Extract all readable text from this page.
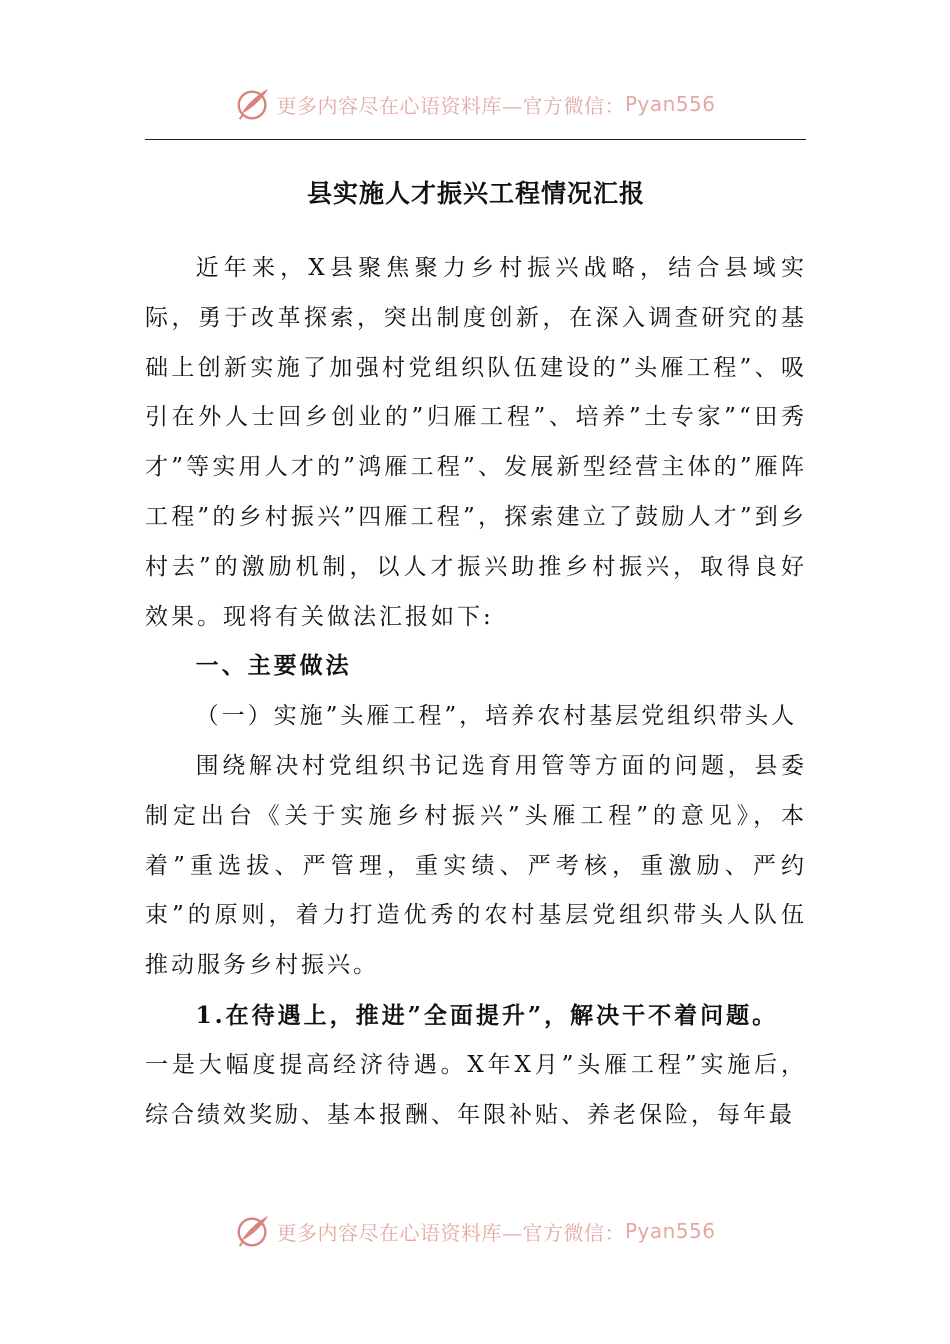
更多内容尽在心语资料库—官方微信： Pyan556
县实施人才振兴工程情况汇报

近年来，X县聚焦聚力乡村振兴战略，结合县域实际，勇于改革探索，突出制度创新，在深入调查研究的基础上创新实施了加强村党组织队伍建设的”头雁工程”、吸引在外人士回乡创业的”归雁工程”、培养”土专家”“田秀才”等实用人才的”鸿雁工程”、发展新型经营主体的”雁阵工程”的乡村振兴”四雁工程”，探索建立了鼓励人才”到乡村去”的激励机制，以人才振兴助推乡村振兴，取得良好效果。现将有关做法汇报如下:

一、主要做法

（一）实施”头雁工程”，培养农村基层党组织带头人

围绕解决村党组织书记选育用管等方面的问题，县委制定出台《关于实施乡村振兴”头雁工程”的意见》，本着”重选拔、严管理，重实绩、严考核，重激励、严约束”的原则，着力打造优秀的农村基层党组织带头人队伍推动服务乡村振兴。

1.在待遇上，推进”全面提升”，解决干不着问题。

一是大幅度提高经济待遇。X年X月”头雁工程”实施后，综合绩效奖励、基本报酬、年限补贴、养老保险，每年最

更多内容尽在心语资料库—官方微信： Pyan556
